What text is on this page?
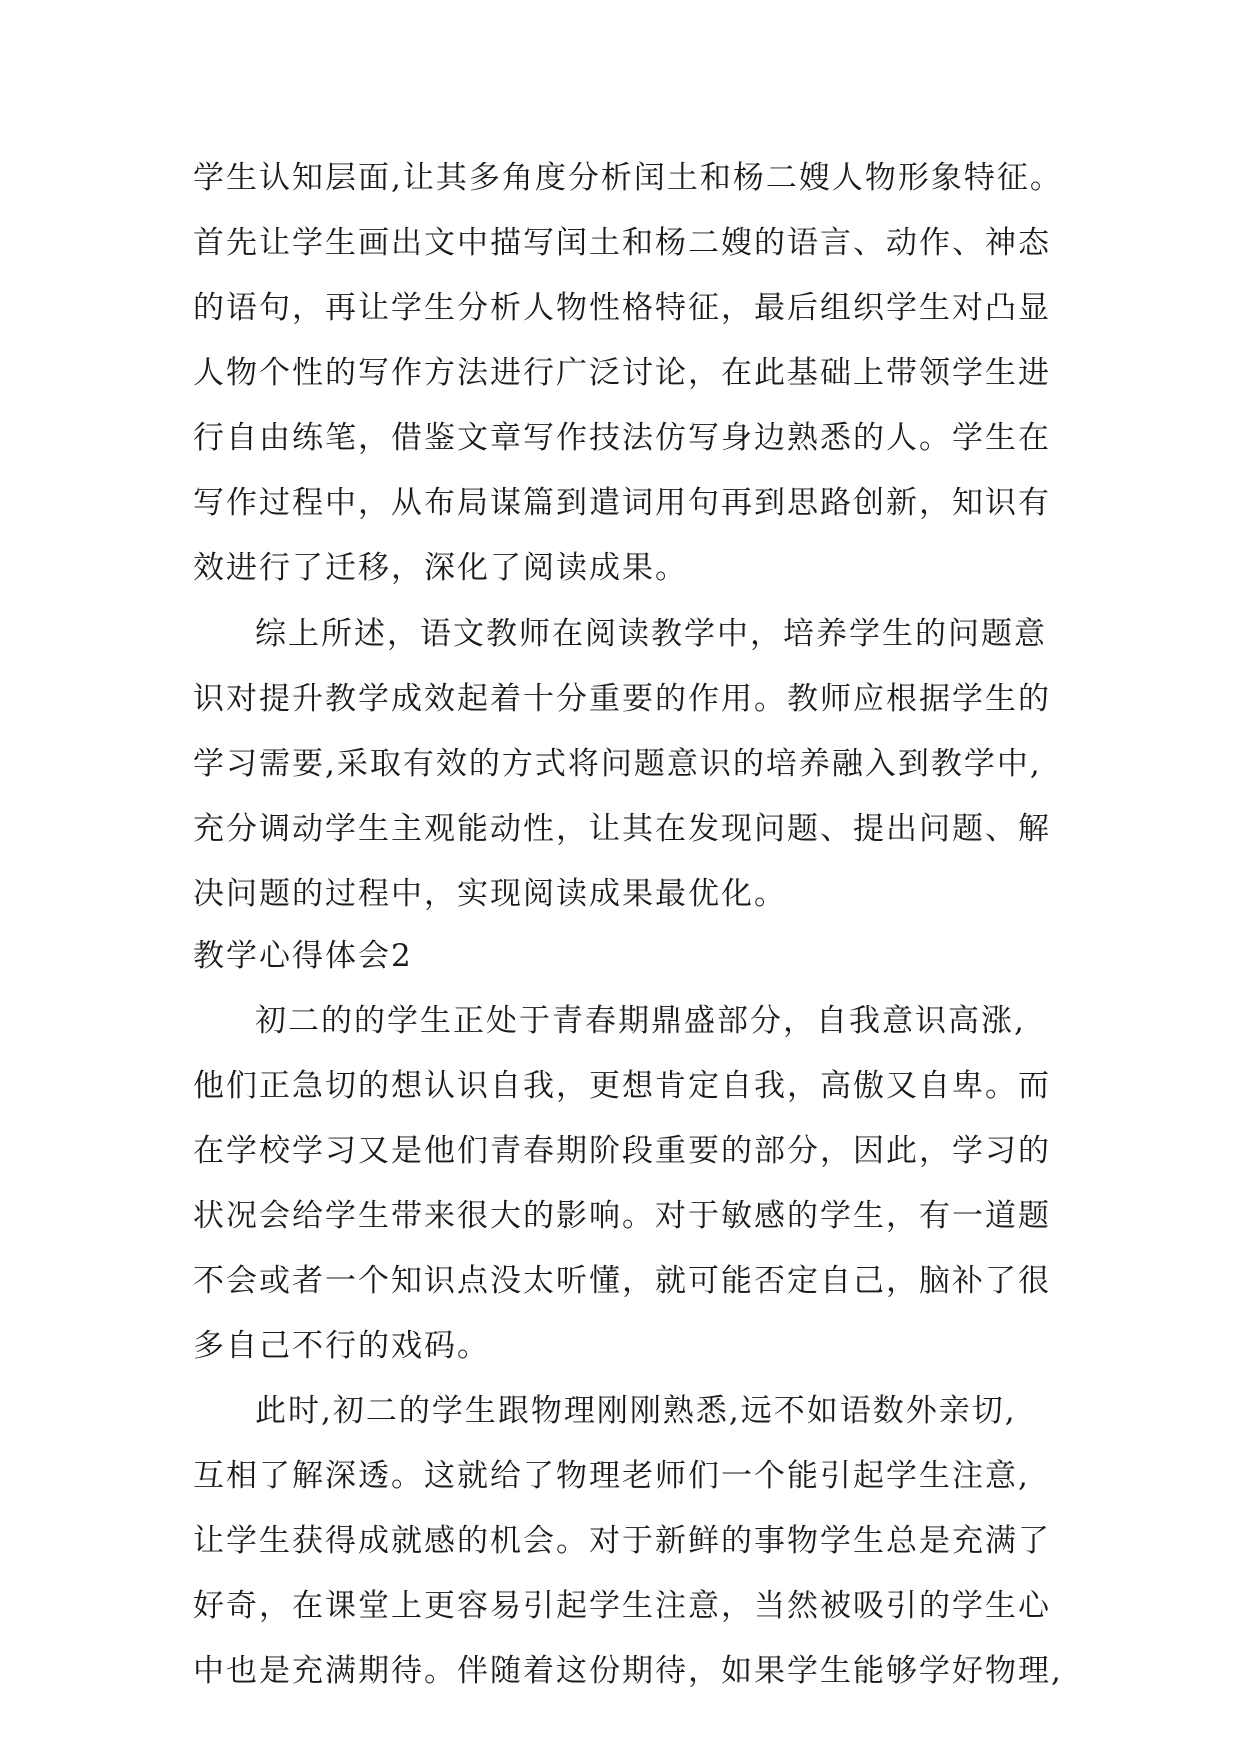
学生认知层面,让其多角度分析闰土和杨二嫂人物形象特征。
首先让学生画出文中描写闰土和杨二嫂的语言、动作、神态
的语句，再让学生分析人物性格特征，最后组织学生对凸显
人物个性的写作方法进行广泛讨论，在此基础上带领学生进
行自由练笔，借鉴文章写作技法仿写身边熟悉的人。学生在
写作过程中，从布局谋篇到遣词用句再到思路创新，知识有
效进行了迁移，深化了阅读成果。
综上所述，语文教师在阅读教学中，培养学生的问题意
识对提升教学成效起着十分重要的作用。教师应根据学生的
学习需要,采取有效的方式将问题意识的培养融入到教学中,
充分调动学生主观能动性，让其在发现问题、提出问题、解
决问题的过程中，实现阅读成果最优化。
教学心得体会2
初二的的学生正处于青春期鼎盛部分，自我意识高涨,
他们正急切的想认识自我，更想肯定自我，高傲又自卑。而
在学校学习又是他们青春期阶段重要的部分，因此，学习的
状况会给学生带来很大的影响。对于敏感的学生，有一道题
不会或者一个知识点没太听懂，就可能否定自己，脑补了很
多自己不行的戏码。
此时,初二的学生跟物理刚刚熟悉,远不如语数外亲切,
互相了解深透。这就给了物理老师们一个能引起学生注意,
让学生获得成就感的机会。对于新鲜的事物学生总是充满了
好奇，在课堂上更容易引起学生注意，当然被吸引的学生心
中也是充满期待。伴随着这份期待，如果学生能够学好物理,
